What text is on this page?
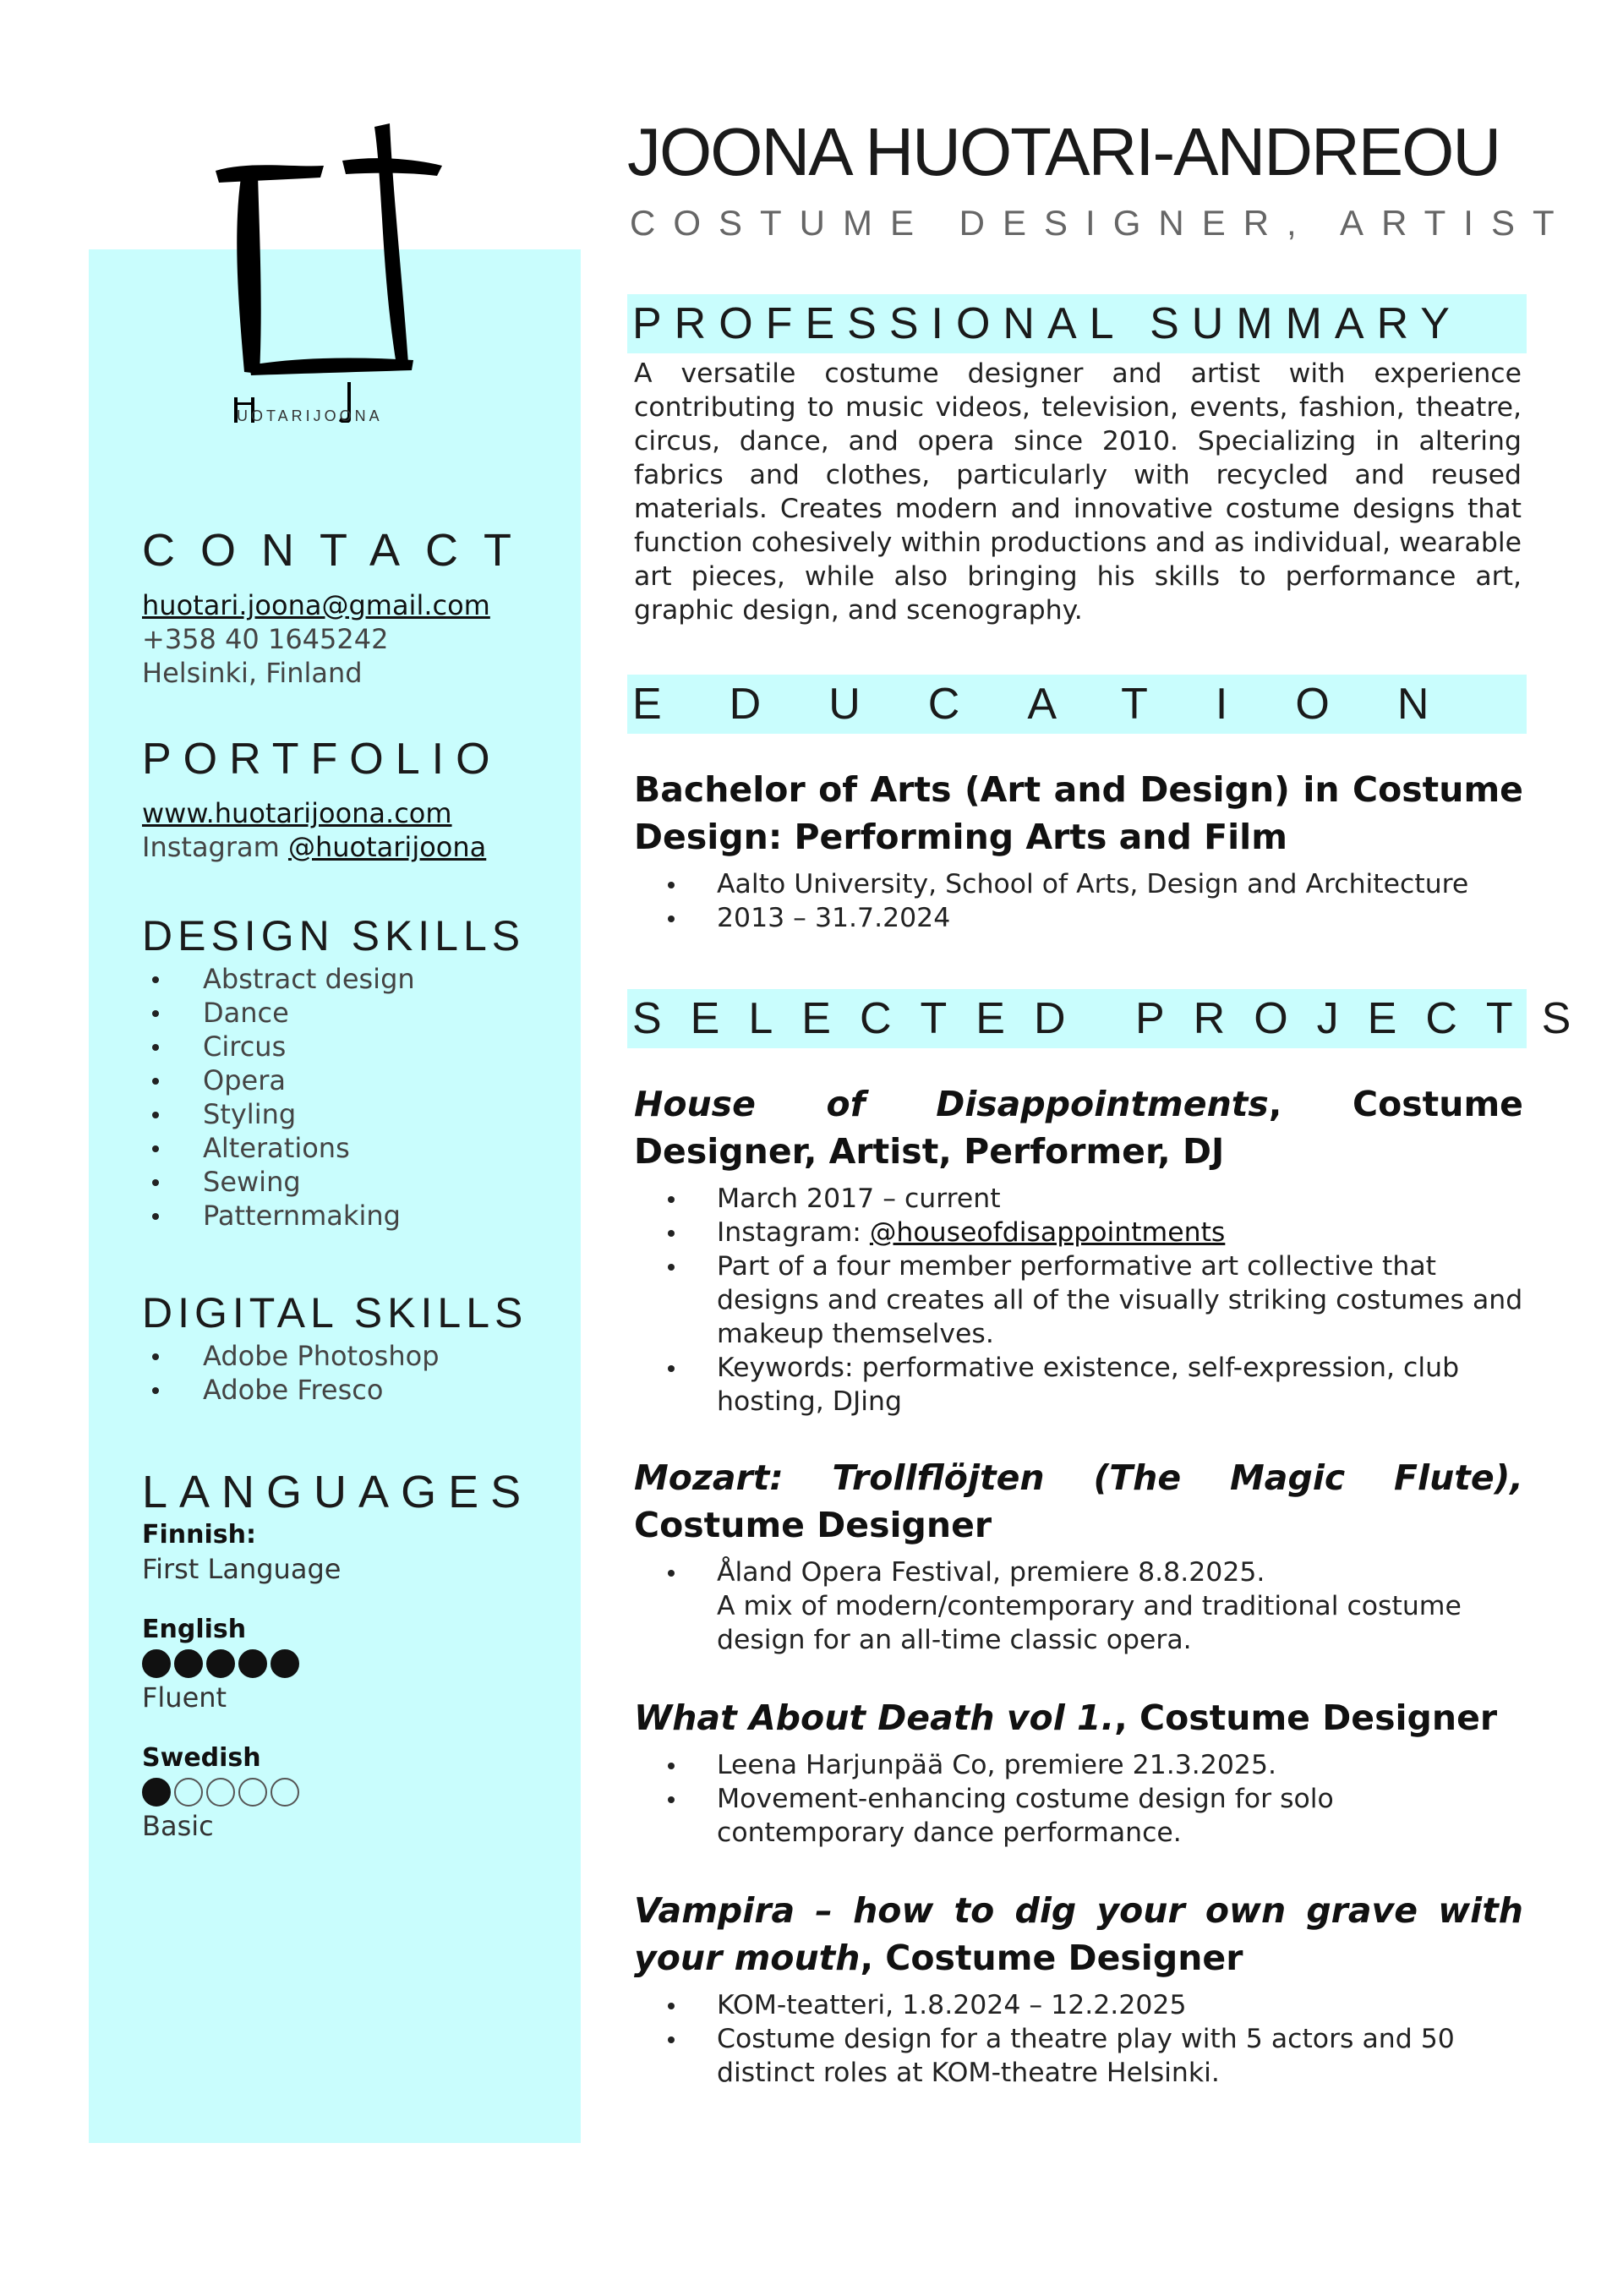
UOTARIJOONA
JOONA HUOTARI-ANDREOU
COSTUME DESIGNER, ARTIST
CONTACT
huotari.joona@gmail.com
+358 40 1645242
Helsinki, Finland
PORTFOLIO
www.huotarijoona.com
Instagram @huotarijoona
DESIGN SKILLS
Abstract design
Dance
Circus
Opera
Styling
Alterations
Sewing
Patternmaking
DIGITAL SKILLS
Adobe Photoshop
Adobe Fresco
LANGUAGES
Finnish:
First Language
English
Fluent
Swedish
Basic
PROFESSIONAL SUMMARY

A versatile costume designer and artist with experience contributing to music videos, television, events, fashion, theatre, circus, dance, and opera since 2010. Specializing in altering fabrics and clothes, particularly with recycled and reused materials. Creates modern and innovative costume designs that function cohesively within productions and as individual, wearable art pieces, while also bringing his skills to performance art, graphic design, and scenography.

EDUCATION
Bachelor of Arts (Art and Design) in Costume Design: Performing Arts and Film
Aalto University, School of Arts, Design and Architecture
2013 – 31.7.2024
SELECTED PROJECTS
House of Disappointments, Costume Designer, Artist, Performer, DJ
March 2017 – current
Instagram: @houseofdisappointments
Part of a four member performative art collective that designs and creates all of the visually striking costumes and makeup themselves.
Keywords: performative existence, self-expression, club hosting, DJing
Mozart: Trollflöjten (The Magic Flute), Costume Designer
Åland Opera Festival, premiere 8.8.2025.
A mix of modern/contemporary and traditional costume design for an all-time classic opera.
What About Death vol 1., Costume Designer
Leena Harjunpää Co, premiere 21.3.2025.
Movement-enhancing costume design for solo contemporary dance performance.
Vampira – how to dig your own grave with your mouth, Costume Designer
KOM-teatteri, 1.8.2024 – 12.2.2025
Costume design for a theatre play with 5 actors and 50 distinct roles at KOM-theatre Helsinki.
